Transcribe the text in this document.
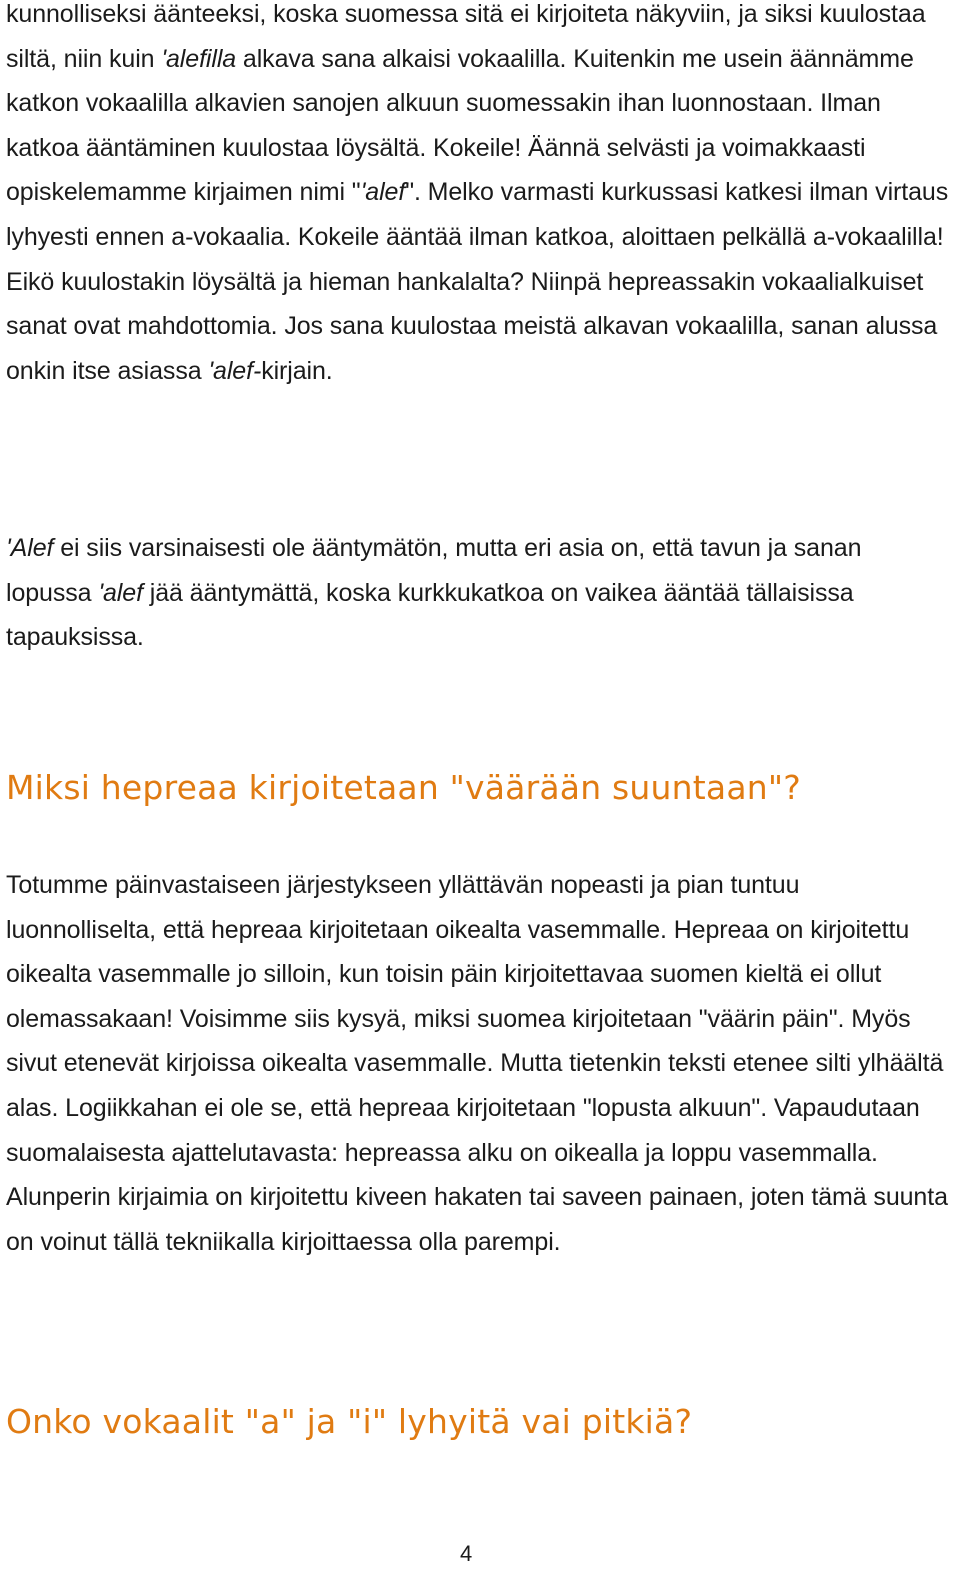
kunnolliseksi äänteeksi, koska suomessa sitä ei kirjoiteta näkyviin, ja siksi kuulostaa siltä, niin kuin 'alefilla alkava sana alkaisi vokaalilla. Kuitenkin me usein äännämme katkon vokaalilla alkavien sanojen alkuun suomessakin ihan luonnostaan. Ilman katkoa ääntäminen kuulostaa löysältä. Kokeile! Äännä selvästi ja voimakkaasti opiskelemamme kirjaimen nimi "'alef". Melko varmasti kurkussasi katkesi ilman virtaus lyhyesti ennen a-vokaalia. Kokeile ääntää ilman katkoa, aloittaen pelkällä a-vokaalilla! Eikö kuulostakin löysältä ja hieman hankalalta? Niinpä hepreassakin vokaalialkuiset sanat ovat mahdottomia. Jos sana kuulostaa meistä alkavan vokaalilla, sanan alussa onkin itse asiassa 'alef-kirjain.

'Alef ei siis varsinaisesti ole ääntymätön, mutta eri asia on, että tavun ja sanan lopussa 'alef jää ääntymättä, koska kurkkukatkoa on vaikea ääntää tällaisissa tapauksissa.

Miksi hepreaa kirjoitetaan "väärään suuntaan"?

Totumme päinvastaiseen järjestykseen yllättävän nopeasti ja pian tuntuu luonnolliselta, että hepreaa kirjoitetaan oikealta vasemmalle. Hepreaa on kirjoitettu oikealta vasemmalle jo silloin, kun toisin päin kirjoitettavaa suomen kieltä ei ollut olemassakaan! Voisimme siis kysyä, miksi suomea kirjoitetaan "väärin päin". Myös sivut etenevät kirjoissa oikealta vasemmalle. Mutta tietenkin teksti etenee silti ylhäältä alas. Logiikkahan ei ole se, että hepreaa kirjoitetaan "lopusta alkuun". Vapaudutaan suomalaisesta ajattelutavasta: hepreassa alku on oikealla ja loppu vasemmalla. Alunperin kirjaimia on kirjoitettu kiveen hakaten tai saveen painaen, joten tämä suunta on voinut tällä tekniikalla kirjoittaessa olla parempi.

Onko vokaalit "a" ja "i" lyhyitä vai pitkiä?
4
